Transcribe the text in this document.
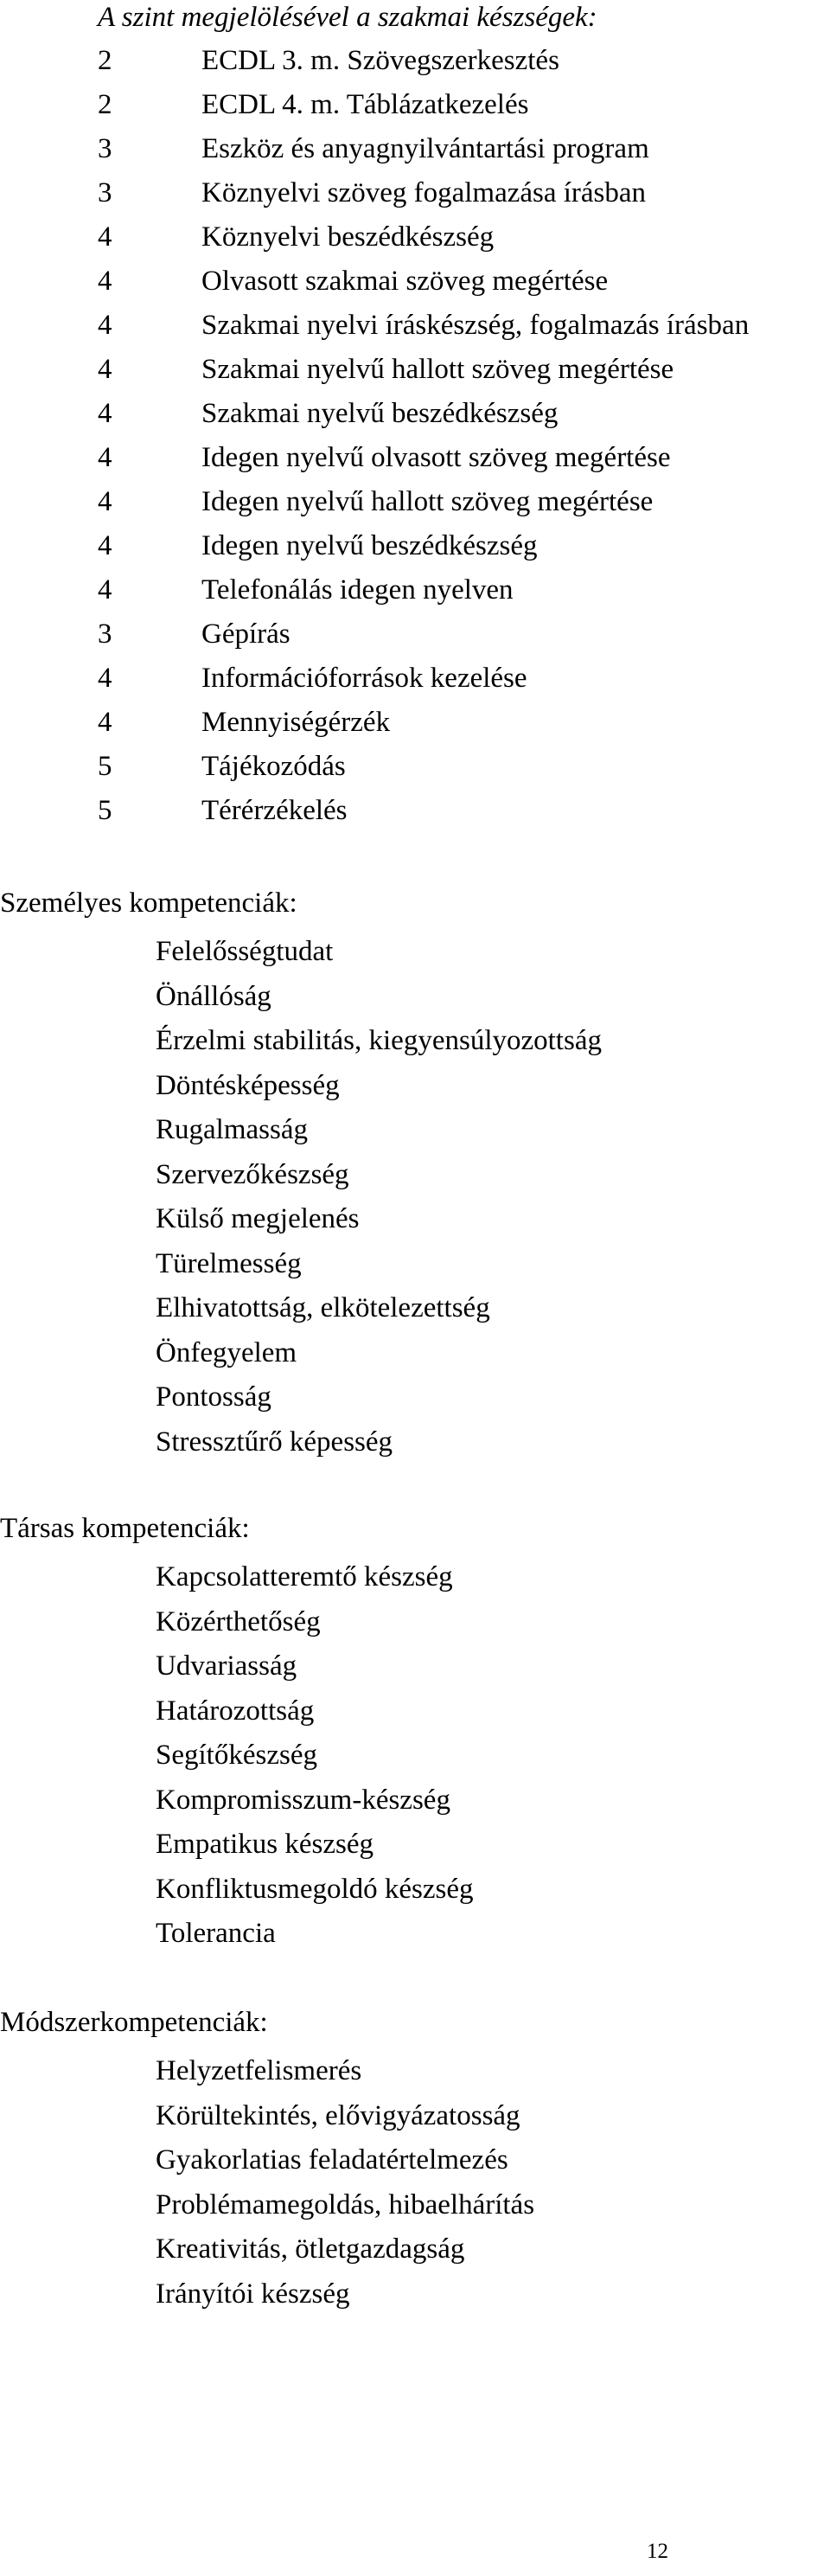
A szint megjelölésével a szakmai készségek:
2	ECDL 3. m. Szövegszerkesztés
2	ECDL 4. m. Táblázatkezelés
3	Eszköz és anyagnyilvántartási program
3	Köznyelvi szöveg fogalmazása írásban
4	Köznyelvi beszédkészség
4	Olvasott szakmai szöveg megértése
4	Szakmai nyelvi íráskészség, fogalmazás írásban
4	Szakmai nyelvű hallott szöveg megértése
4	Szakmai nyelvű beszédkészség
4	Idegen nyelvű olvasott szöveg megértése
4	Idegen nyelvű hallott szöveg megértése
4	Idegen nyelvű beszédkészség
4	Telefonálás idegen nyelven
3	Gépírás
4	Információforrások kezelése
4	Mennyiségérzék
5	Tájékozódás
5	Térérzékelés
Személyes kompetenciák:
Felelősségtudat
Önállóság
Érzelmi stabilitás, kiegyensúlyozottság
Döntésképesség
Rugalmasság
Szervezőkészség
Külső megjelenés
Türelmesség
Elhivatottság, elkötelezettség
Önfegyelem
Pontosság
Stressztűrő képesség
Társas kompetenciák:
Kapcsolatteremtő készség
Közérthetőség
Udvariasság
Határozottság
Segítőkészség
Kompromisszum-készség
Empatikus készség
Konfliktusmegoldó készség
Tolerancia
Módszerkompetenciák:
Helyzetfelismerés
Körültekintés, elővigyázatosság
Gyakorlatias feladatértelmezés
Problémamegoldás, hibaelhárítás
Kreativitás, ötletgazdagság
Irányítói készség
12
